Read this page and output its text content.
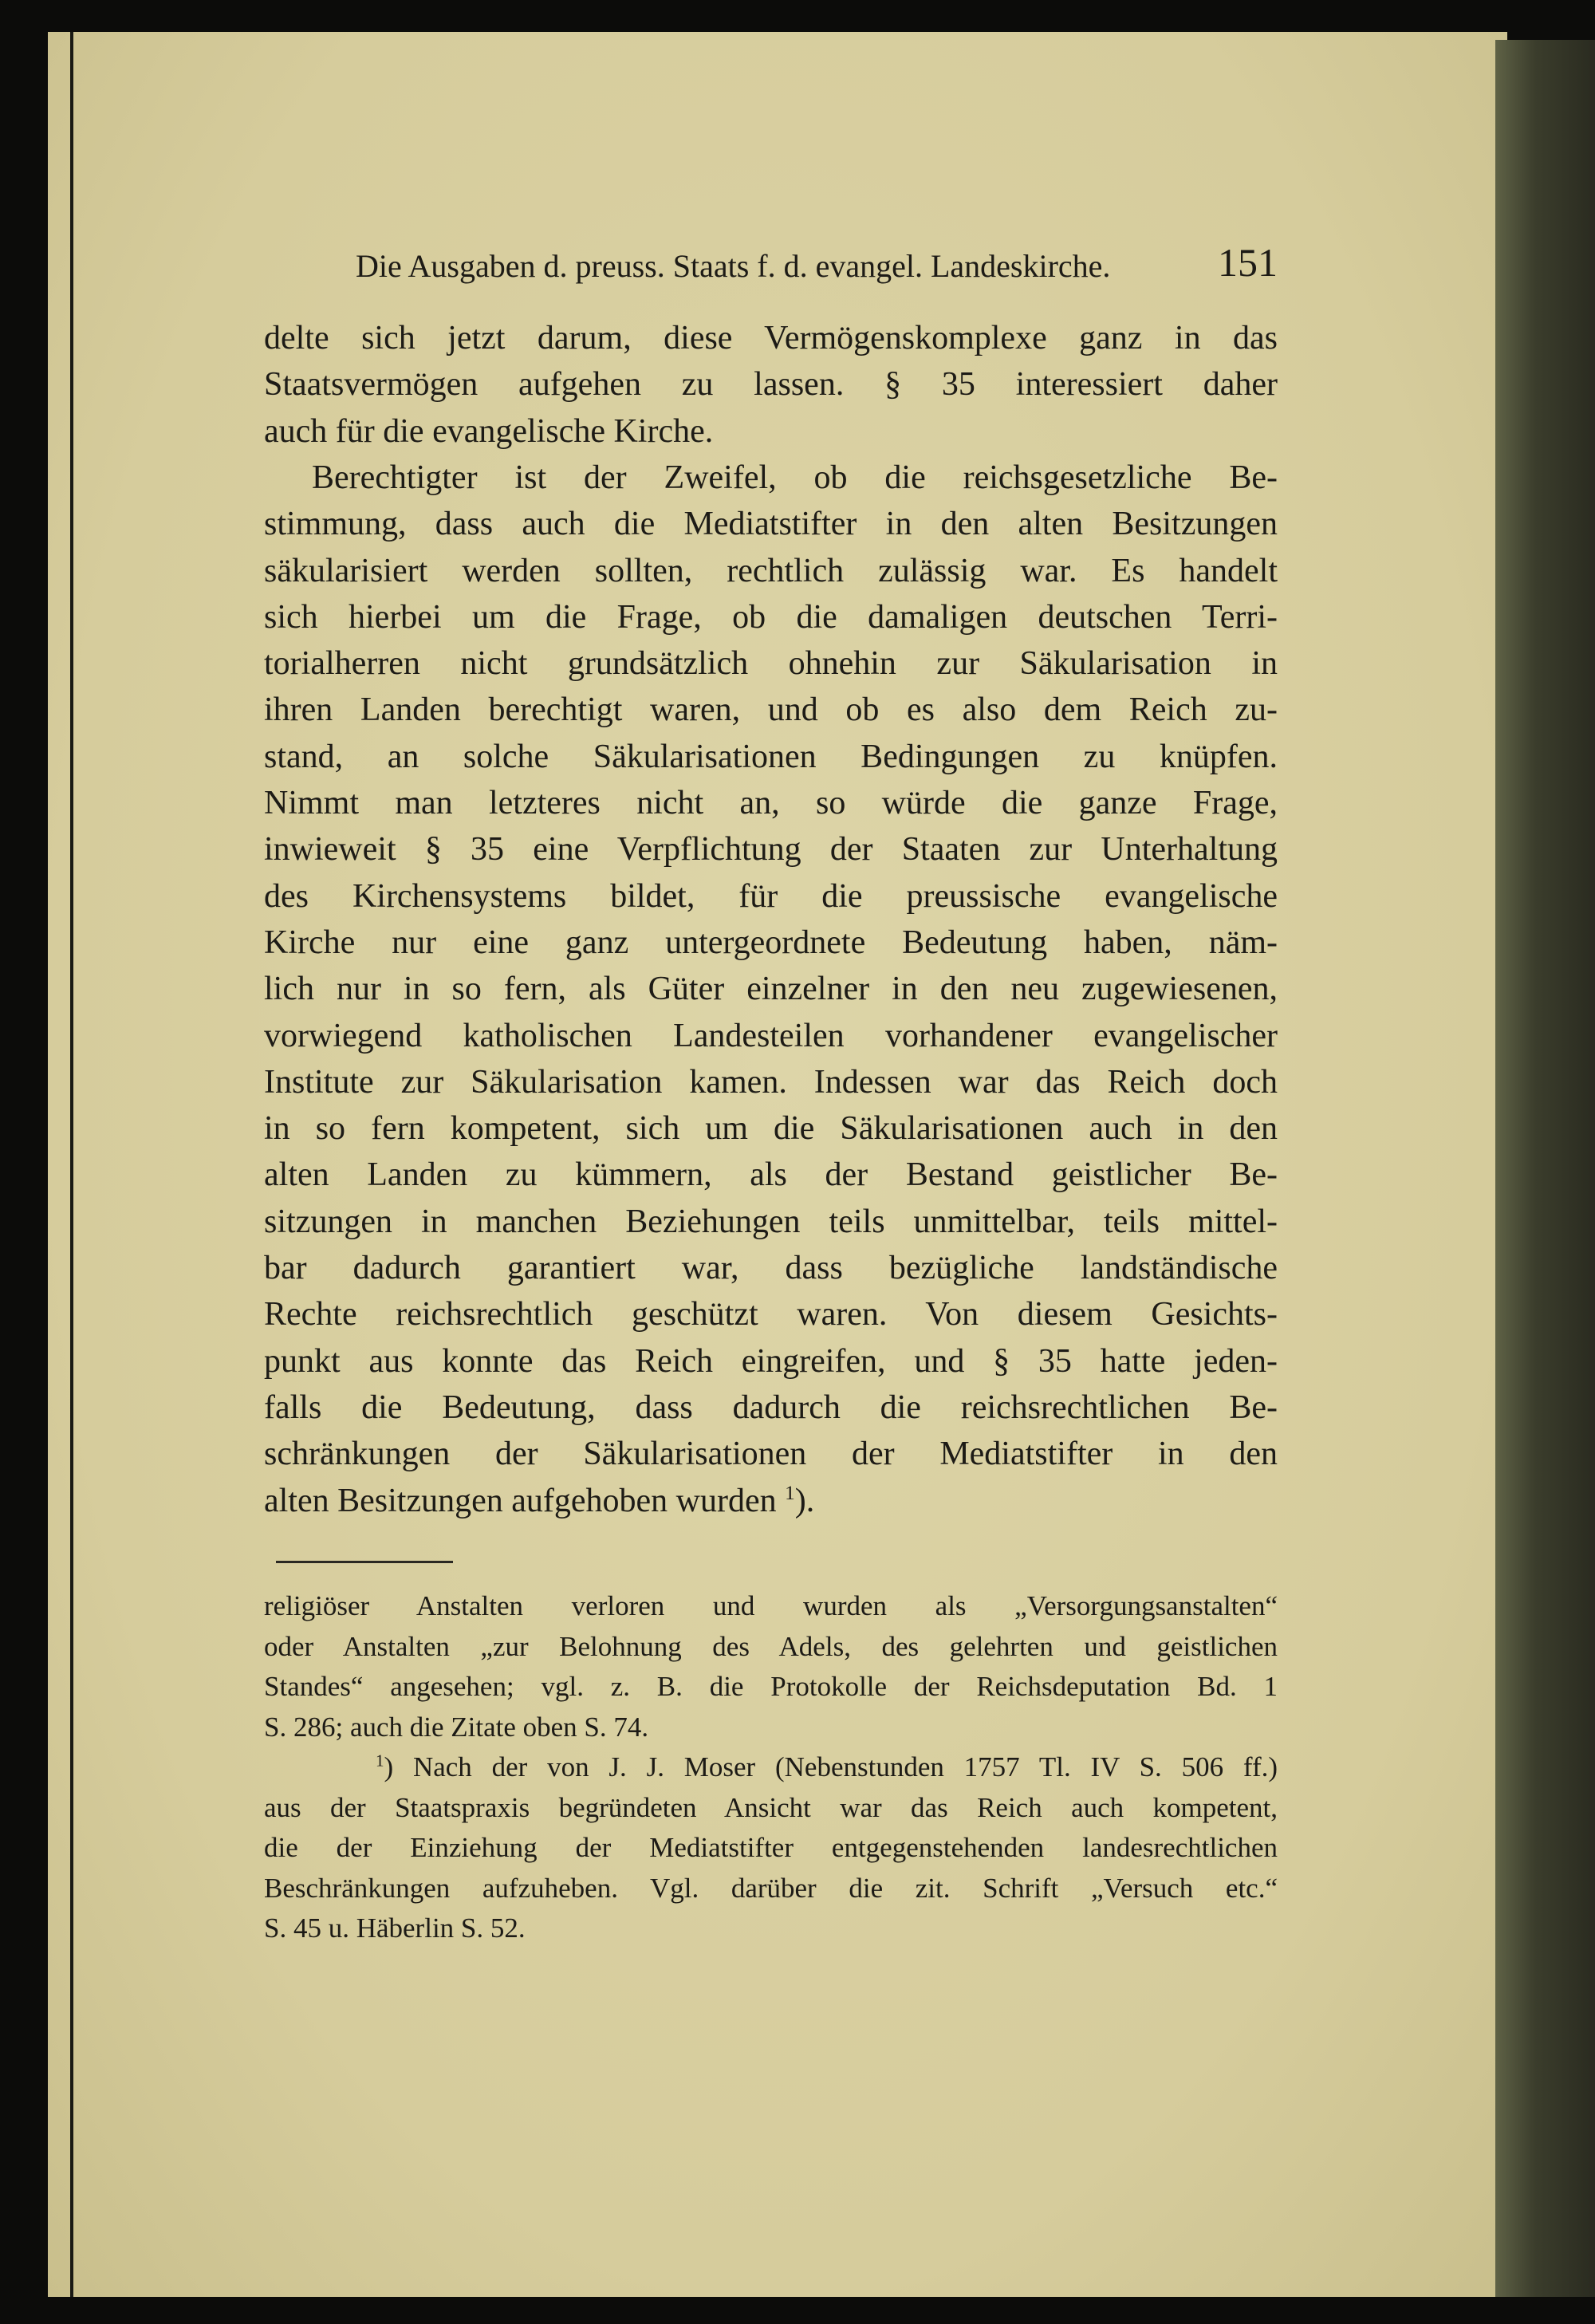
Die Ausgaben d. preuss. Staats f. d. evangel. Landeskirche.	151
delte sich jetzt darum, diese Vermögenskomplexe ganz in das
Staatsvermögen aufgehen zu lassen. § 35 interessiert daher
auch für die evangelische Kirche.
Berechtigter ist der Zweifel, ob die reichsgesetzliche Be-
stimmung, dass auch die Mediatstifter in den alten Besitzungen
säkularisiert werden sollten, rechtlich zulässig war. Es handelt
sich hierbei um die Frage, ob die damaligen deutschen Terri-
torialherren nicht grundsätzlich ohnehin zur Säkularisation in
ihren Landen berechtigt waren, und ob es also dem Reich zu-
stand, an solche Säkularisationen Bedingungen zu knüpfen.
Nimmt man letzteres nicht an, so würde die ganze Frage,
inwieweit § 35 eine Verpflichtung der Staaten zur Unterhaltung
des Kirchensystems bildet, für die preussische evangelische
Kirche nur eine ganz untergeordnete Bedeutung haben, näm-
lich nur in so fern, als Güter einzelner in den neu zugewiesenen,
vorwiegend katholischen Landesteilen vorhandener evangelischer
Institute zur Säkularisation kamen. Indessen war das Reich doch
in so fern kompetent, sich um die Säkularisationen auch in den
alten Landen zu kümmern, als der Bestand geistlicher Be-
sitzungen in manchen Beziehungen teils unmittelbar, teils mittel-
bar dadurch garantiert war, dass bezügliche landständische
Rechte reichsrechtlich geschützt waren. Von diesem Gesichts-
punkt aus konnte das Reich eingreifen, und § 35 hatte jeden-
falls die Bedeutung, dass dadurch die reichsrechtlichen Be-
schränkungen der Säkularisationen der Mediatstifter in den
alten Besitzungen aufgehoben wurden $^1$).
religiöser Anstalten verloren und wurden als „Versorgungsanstalten“
oder Anstalten „zur Belohnung des Adels, des gelehrten und geistlichen
Standes“ angesehen; vgl. z. B. die Protokolle der Reichsdeputation Bd. 1
S. 286; auch die Zitate oben S. 74.
$^1$) Nach der von J. J. Moser (Nebenstunden 1757 Tl. IV S. 506 ff.)
aus der Staatspraxis begründeten Ansicht war das Reich auch kompetent,
die der Einziehung der Mediatstifter entgegenstehenden landesrechtlichen
Beschränkungen aufzuheben. Vgl. darüber die zit. Schrift „Versuch etc.“
S. 45 u. Häberlin S. 52.
